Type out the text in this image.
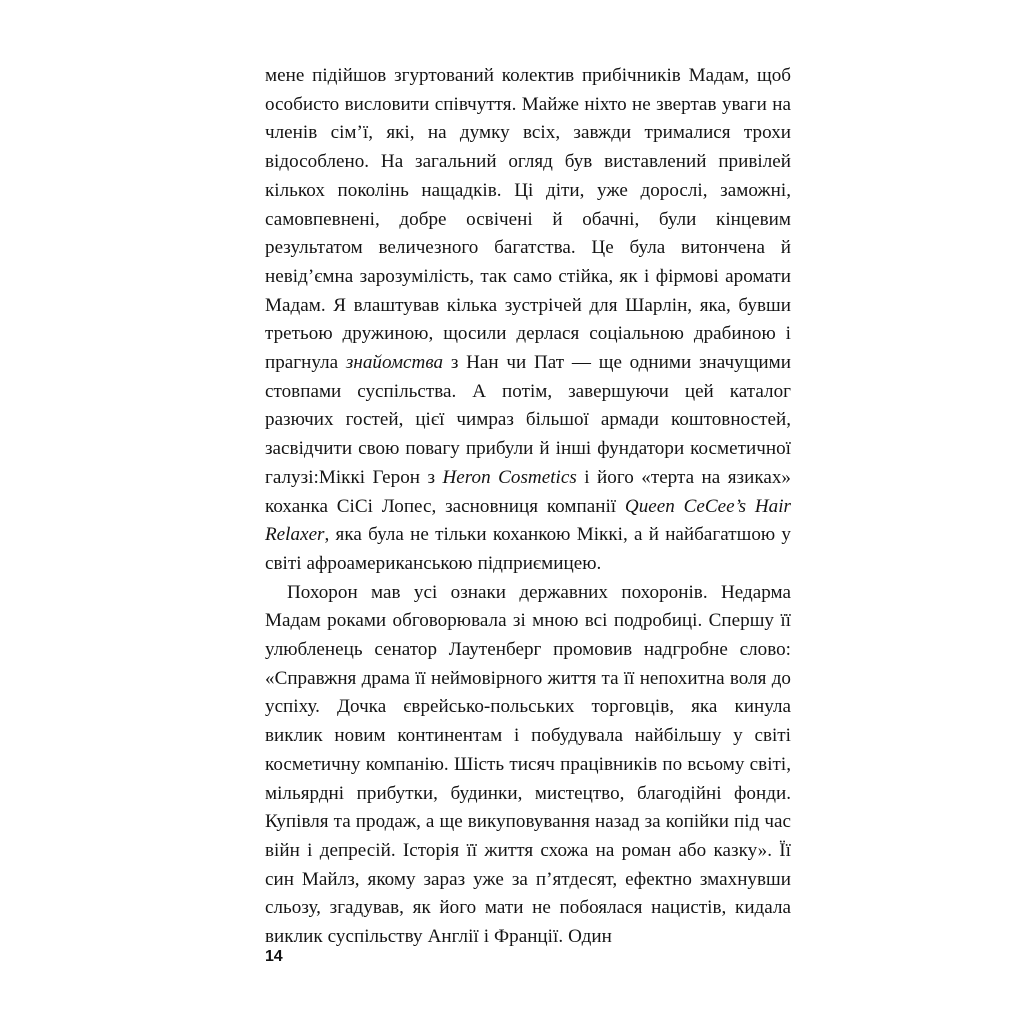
мене підійшов згуртований колектив прибічників Мадам, щоб особисто висловити співчуття. Майже ніхто не звертав уваги на членів сім’ї, які, на думку всіх, завжди трималися трохи відособлено. На загальний огляд був виставлений привілей кількох поколінь нащадків. Ці діти, уже дорослі, заможні, самовпевнені, добре освічені й обачні, були кінцевим результатом величезного багатства. Це була витончена й невід’ємна зарозумілість, так само стійка, як і фірмові аромати Мадам. Я влаштував кілька зустрічей для Шарлін, яка, бувши третьою дружиною, щосили дерлася соціальною драбиною і прагнула знайомства з Нан чи Пат — ще одними значущими стовпами суспільства. А потім, завершуючи цей каталог разючих гостей, цієї чимраз більшої армади коштовностей, засвідчити свою повагу прибули й інші фундатори косметичної галузі:Міккі Герон з Heron Cosmetics і його «терта на язиках» коханка СіСі Лопес, засновниця компанії Queen CeCee’s Hair Relaxer, яка була не тільки коханкою Міккі, а й найбагатшою у світі афроамериканською підприємицею.

Похорон мав усі ознаки державних похоронів. Недарма Мадам роками обговорювала зі мною всі подробиці. Спершу її улюбленець сенатор Лаутенберг промовив надгробне слово: «Справжня драма її неймовірного життя та її непохитна воля до успіху. Дочка єврейсько-польських торговців, яка кинула виклик новим континентам і побудувала найбільшу у світі косметичну компанію. Шість тисяч працівників по всьому світі, мільярдні прибутки, будинки, мистецтво, благодійні фонди. Купівля та продаж, а ще викуповування назад за копійки під час війн і депресій. Історія її життя схожа на роман або казку». Її син Майлз, якому зараз уже за п’ятдесят, ефектно змахнувши сльозу, згадував, як його мати не побоялася нацистів, кидала виклик суспільству Англії і Франції. Один

14
